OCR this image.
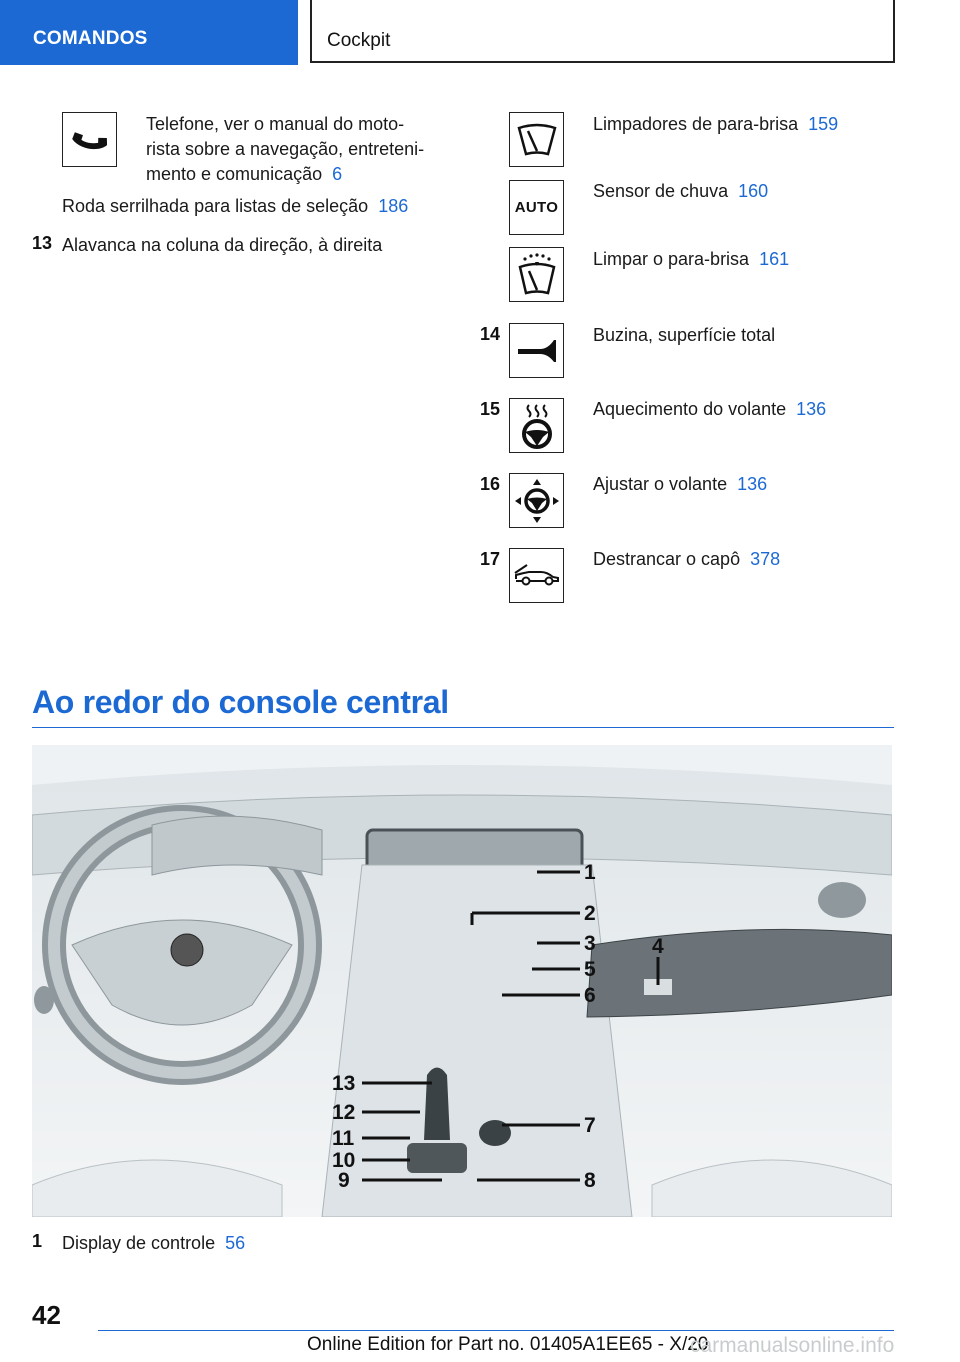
COMANDOS	Cockpit
Telefone, ver o manual do moto-
rista sobre a navegação, entreteni-
mento e comunicação 6
Roda serrilhada para listas de seleção 186
13 Alavanca na coluna da direção, à direita
Limpadores de para-brisa 159
AUTO
Sensor de chuva 160
Limpar o para-brisa 161
14	Buzina, superfície total
15	Aquecimento do volante 136
16	Ajustar o volante 136
17	Destrancar o capô 378
Ao redor do console central
1
2
3	4
5
6
7
8
9
10
11
12
13
1 Display de controle 56
42
Online Edition for Part no. 01405A1EE65 - X/20
carmanualsonline.info
